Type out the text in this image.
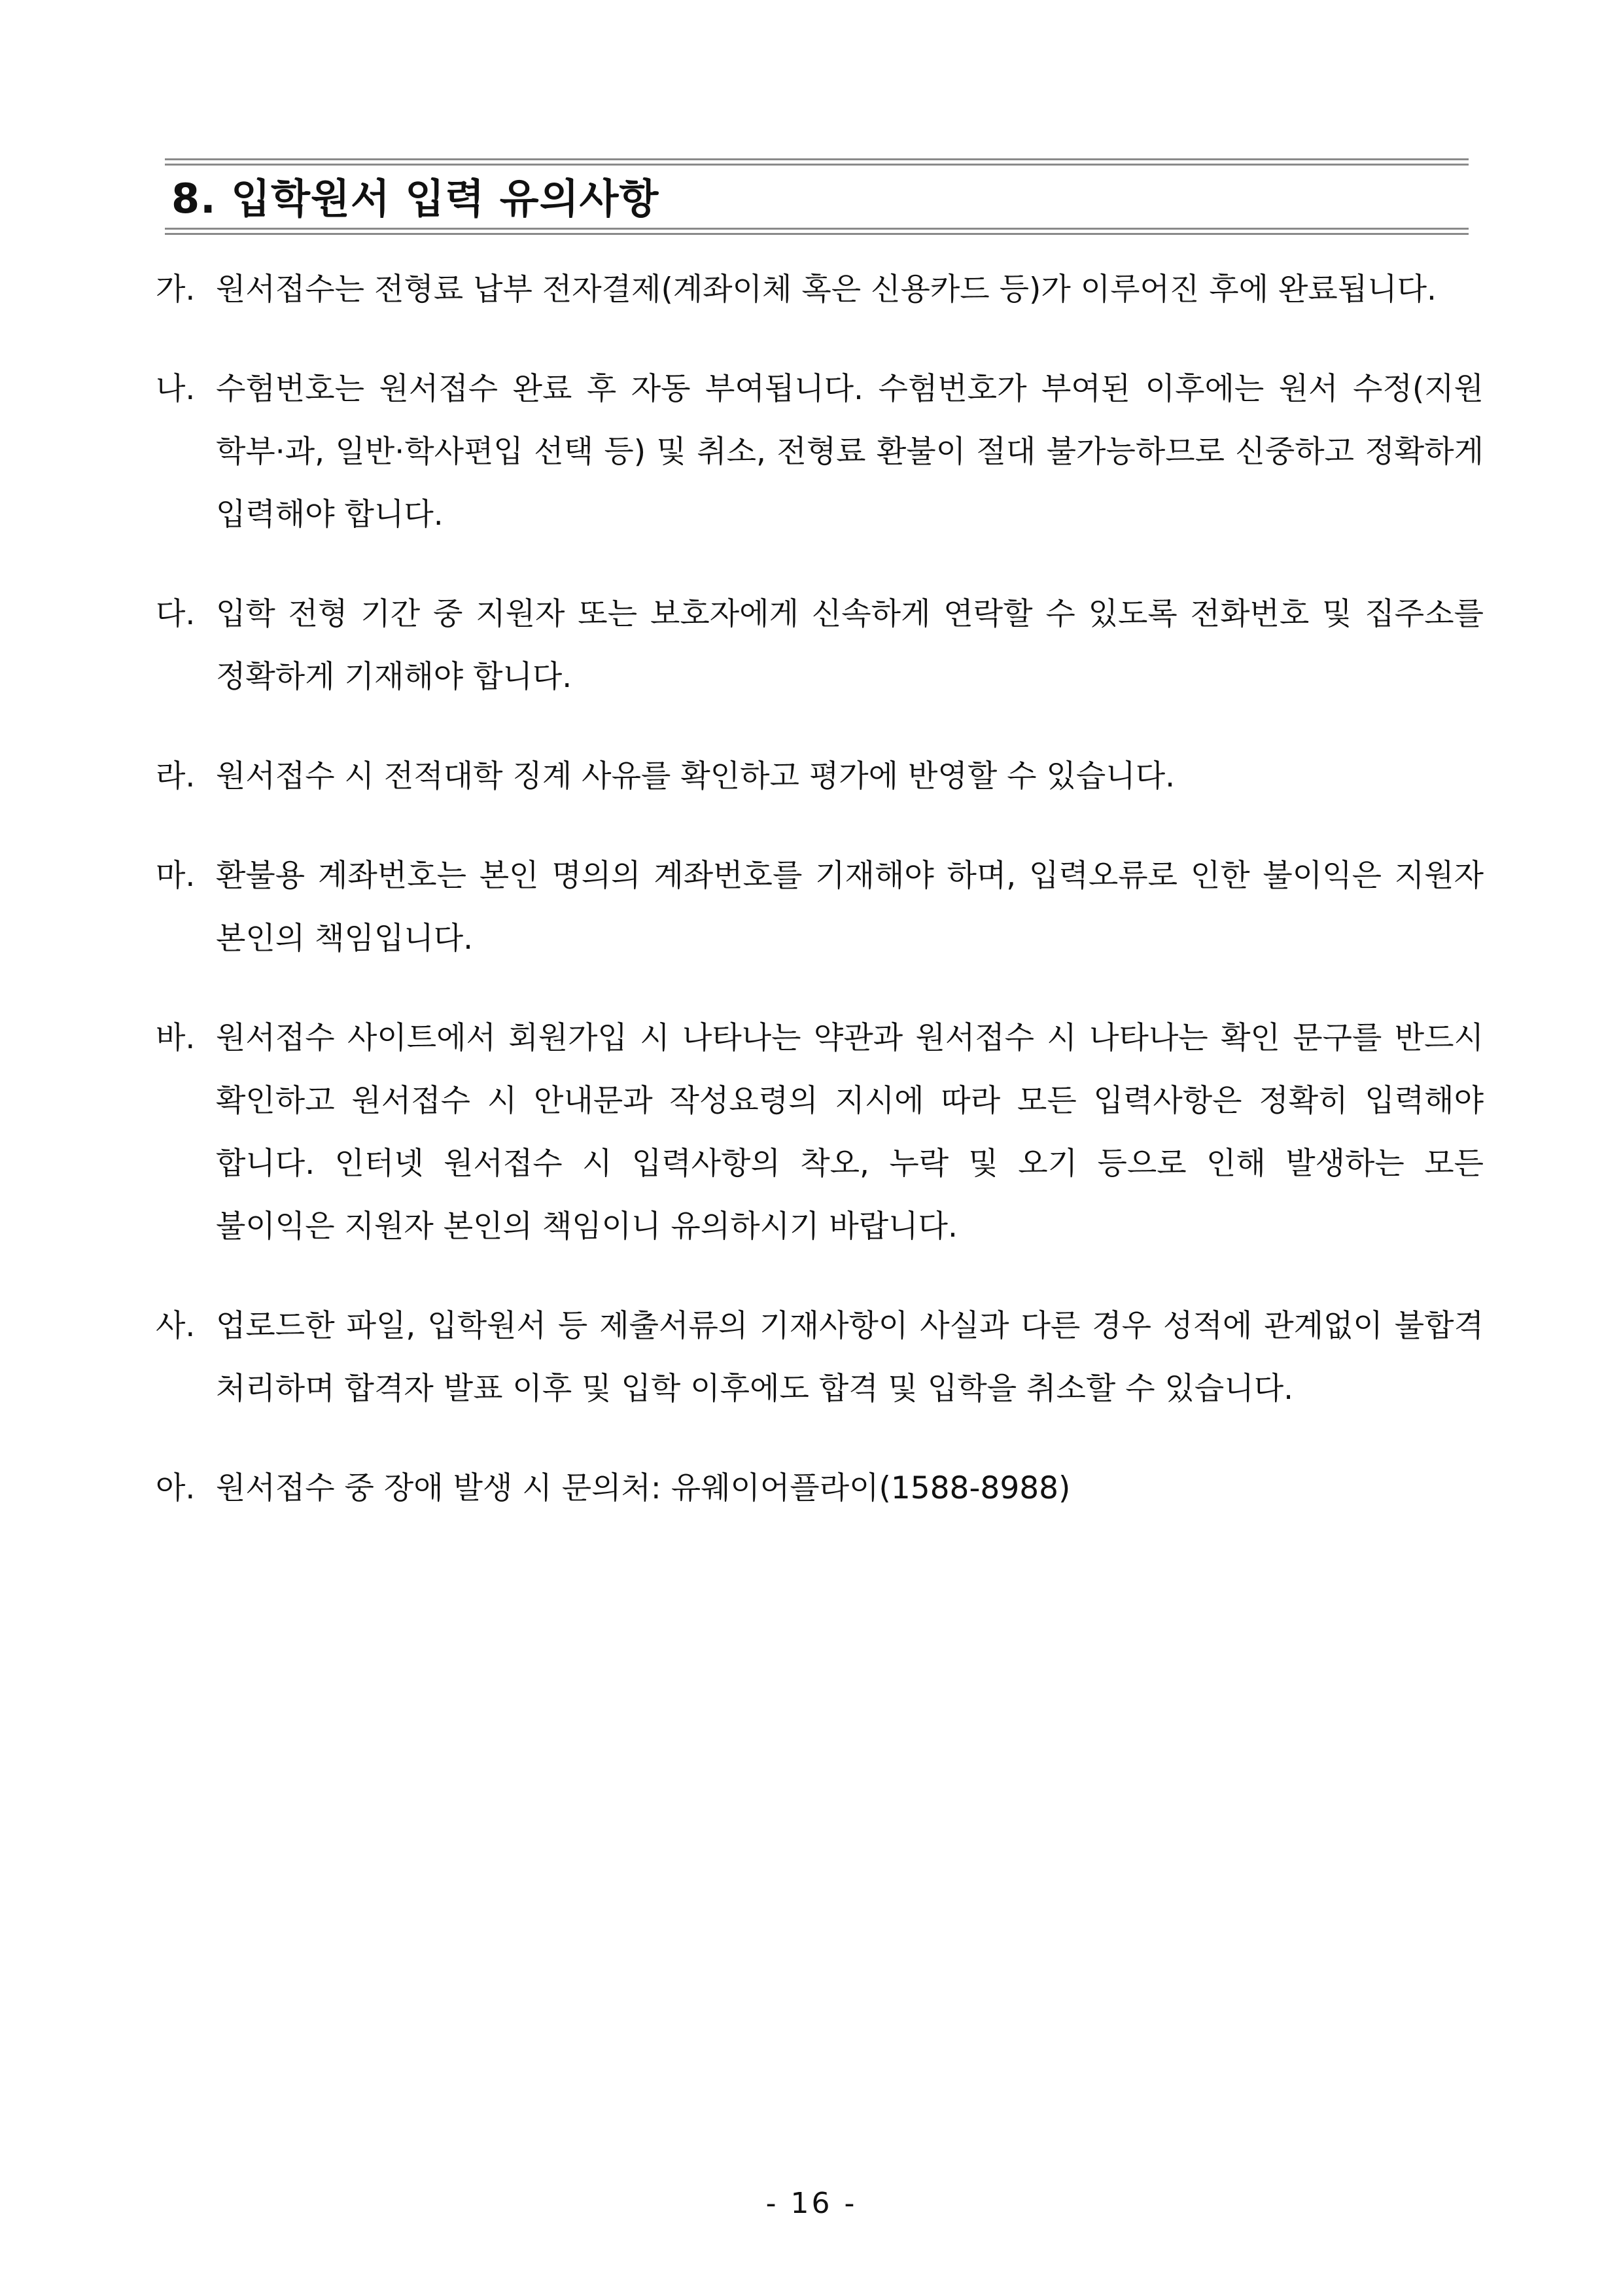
8. 입학원서 입력 유의사항
가. 원서접수는 전형료 납부 전자결제(계좌이체 혹은 신용카드 등)가 이루어진 후에 완료됩니다.
나. 수험번호는 원서접수 완료 후 자동 부여됩니다. 수험번호가 부여된 이후에는 원서 수정(지원 학부·과, 일반·학사편입 선택 등) 및 취소, 전형료 환불이 절대 불가능하므로 신중하고 정확하게 입력해야 합니다.
다. 입학 전형 기간 중 지원자 또는 보호자에게 신속하게 연락할 수 있도록 전화번호 및 집주소를 정확하게 기재해야 합니다.
라. 원서접수 시 전적대학 징계 사유를 확인하고 평가에 반영할 수 있습니다.
마. 환불용 계좌번호는 본인 명의의 계좌번호를 기재해야 하며, 입력오류로 인한 불이익은 지원자 본인의 책임입니다.
바. 원서접수 사이트에서 회원가입 시 나타나는 약관과 원서접수 시 나타나는 확인 문구를 반드시 확인하고 원서접수 시 안내문과 작성요령의 지시에 따라 모든 입력사항은 정확히 입력해야 합니다. 인터넷 원서접수 시 입력사항의 착오, 누락 및 오기 등으로 인해 발생하는 모든 불이익은 지원자 본인의 책임이니 유의하시기 바랍니다.
사. 업로드한 파일, 입학원서 등 제출서류의 기재사항이 사실과 다른 경우 성적에 관계없이 불합격 처리하며 합격자 발표 이후 및 입학 이후에도 합격 및 입학을 취소할 수 있습니다.
아. 원서접수 중 장애 발생 시 문의처: 유웨이어플라이(1588-8988)
- 16 -
